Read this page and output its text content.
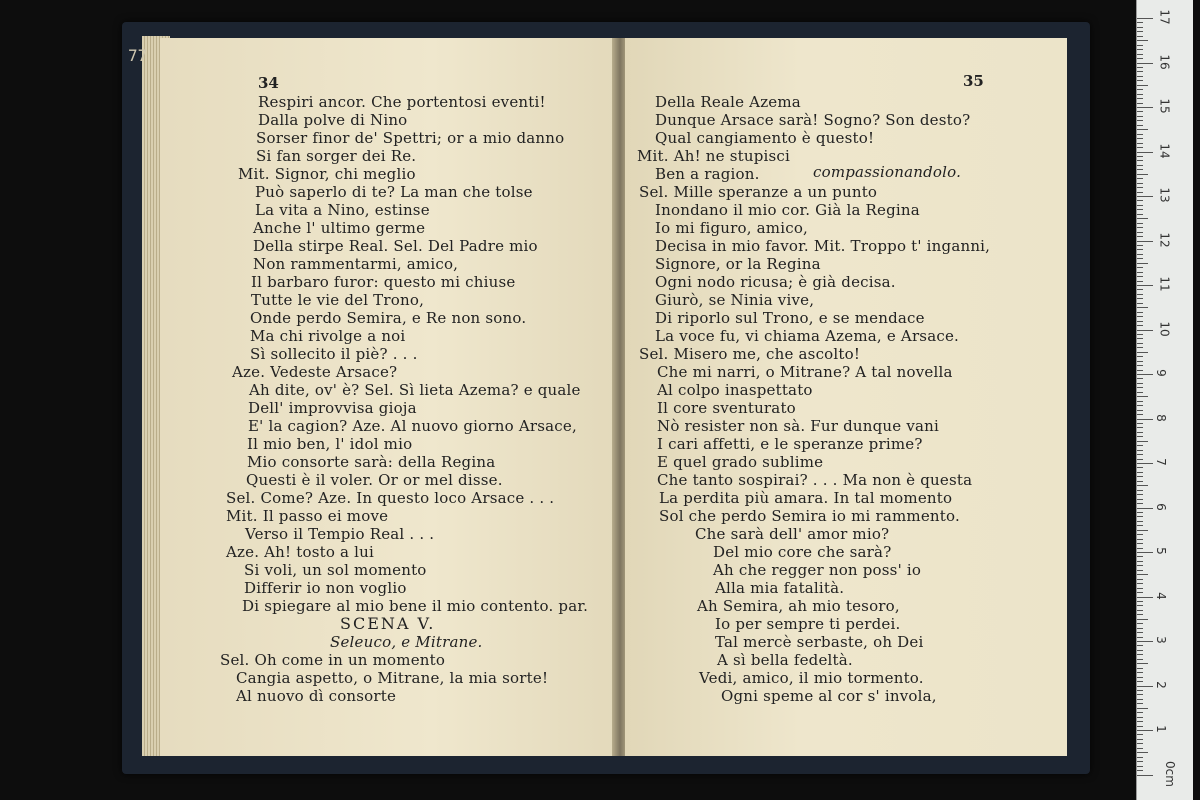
77
34
Respiri ancor. Che portentosi eventi!
Dalla polve di Nino
Sorser finor de' Spettri; or a mio danno
Si fan sorger dei Re.
Mit. Signor, chi meglio
Può saperlo di te? La man che tolse
La vita a Nino, estinse
Anche l' ultimo germe
Della stirpe Real. Sel. Del Padre mio
Non rammentarmi, amico,
Il barbaro furor: questo mi chiuse
Tutte le vie del Trono,
Onde perdo Semira, e Re non sono.
Ma chi rivolge a noi
Sì sollecito il piè? . . .
Aze. Vedeste Arsace?
Ah dite, ov' è? Sel. Sì lieta Azema? e quale
Dell' improvvisa gioja
E' la cagion? Aze. Al nuovo giorno Arsace,
Il mio ben, l' idol mio
Mio consorte sarà: della Regina
Questi è il voler. Or or mel disse.
Sel. Come? Aze. In questo loco Arsace . . .
Mit. Il passo ei move
Verso il Tempio Real . . .
Aze. Ah! tosto a lui
Si voli, un sol momento
Differir io non voglio
Di spiegare al mio bene il mio contento. par.
SCENA V.
Seleuco, e Mitrane.
Sel. Oh come in un momento
Cangia aspetto, o Mitrane, la mia sorte!
Al nuovo dì consorte
35
Della Reale Azema
Dunque Arsace sarà! Sogno? Son desto?
Qual cangiamento è questo!
Mit. Ah! ne stupisci
Ben a ragion.	compassionandolo.
Sel. Mille speranze a un punto
Inondano il mio cor. Già la Regina
Io mi figuro, amico,
Decisa in mio favor. Mit. Troppo t' inganni,
Signore, or la Regina
Ogni nodo ricusa; è già decisa.
Giurò, se Ninia vive,
Di riporlo sul Trono, e se mendace
La voce fu, vi chiama Azema, e Arsace.
Sel. Misero me, che ascolto!
Che mi narri, o Mitrane? A tal novella
Al colpo inaspettato
Il core sventurato
Nò resister non sà. Fur dunque vani
I cari affetti, e le speranze prime?
E quel grado sublime
Che tanto sospirai? . . . Ma non è questa
La perdita più amara. In tal momento
Sol che perdo Semira io mi rammento.
Che sarà dell' amor mio?
Del mio core che sarà?
Ah che regger non poss' io
Alla mia fatalità.
Ah Semira, ah mio tesoro,
Io per sempre ti perdei.
Tal mercè serbaste, oh Dei
A sì bella fedeltà.
Vedi, amico, il mio tormento.
Ogni speme al cor s' invola,
17
16
15
14
13
12
11
10
9
8
7
6
5
4
3
2
1
0cm
